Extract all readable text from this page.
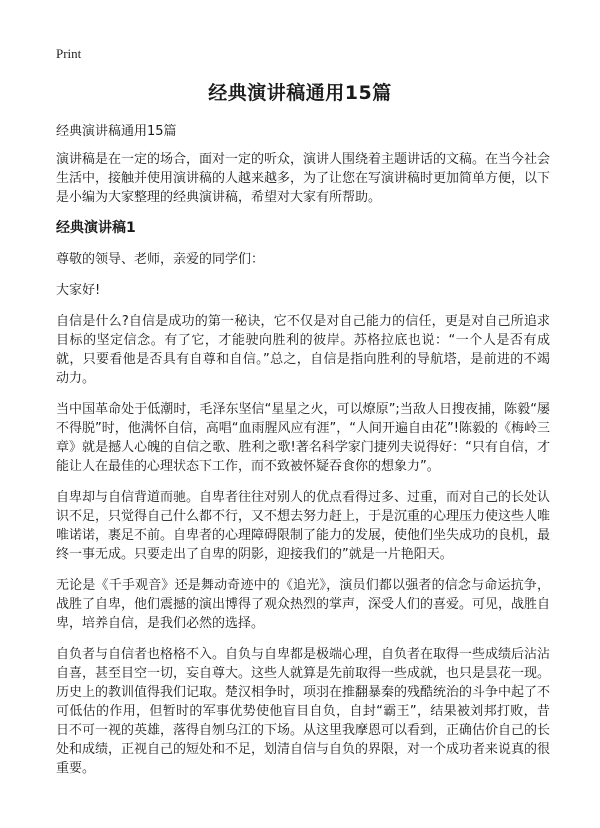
Print
经典演讲稿通用15篇
经典演讲稿通用15篇

演讲稿是在一定的场合，面对一定的听众，演讲人围绕着主题讲话的文稿。在当今社会生活中，接触并使用演讲稿的人越来越多，为了让您在写演讲稿时更加简单方便，以下是小编为大家整理的经典演讲稿，希望对大家有所帮助。

经典演讲稿1

尊敬的领导、老师，亲爱的同学们：

大家好!

自信是什么?自信是成功的第一秘诀，它不仅是对自己能力的信任，更是对自己所追求目标的坚定信念。有了它，才能驶向胜利的彼岸。苏格拉底也说：“一个人是否有成就，只要看他是否具有自尊和自信。”总之，自信是指向胜利的导航塔，是前进的不竭动力。

当中国革命处于低潮时，毛泽东坚信“星星之火，可以燎原”;当敌人日搜夜捕，陈毅“屡不得脱”时，他满怀自信，高唱“血雨腥风应有涯”，“人间开遍自由花”!陈毅的《梅岭三章》就是撼人心魄的自信之歌、胜利之歌!著名科学家门捷列夫说得好：“只有自信，才能让人在最佳的心理状态下工作，而不致被怀疑吞食你的想象力”。

自卑却与自信背道而驰。自卑者往往对别人的优点看得过多、过重，而对自己的长处认识不足，只觉得自己什么都不行，又不想去努力赶上，于是沉重的心理压力使这些人唯唯诺诺，裹足不前。自卑者的心理障碍限制了能力的发展，使他们坐失成功的良机，最终一事无成。只要走出了自卑的阴影，迎接我们的”就是一片艳阳天。

无论是《千手观音》还是舞动奇迹中的《追光》，演员们都以强者的信念与命运抗争，战胜了自卑，他们震撼的演出博得了观众热烈的掌声，深受人们的喜爱。可见，战胜自卑，培养自信，是我们必然的选择。

自负者与自信者也格格不入。自负与自卑都是极端心理，自负者在取得一些成绩后沾沾自喜，甚至目空一切，妄自尊大。这些人就算是先前取得一些成就，也只是昙花一现。历史上的教训值得我们记取。楚汉相争时，项羽在推翻暴秦的残酷统治的斗争中起了不可低估的作用，但暂时的军事优势使他盲目自负，自封“霸王”，结果被刘邦打败，昔日不可一视的英雄，落得自刎乌江的下场。从这里我摩恩可以看到，正确估价自己的长处和成绩，正视自己的短处和不足，划清自信与自负的界限，对一个成功者来说真的很重要。
